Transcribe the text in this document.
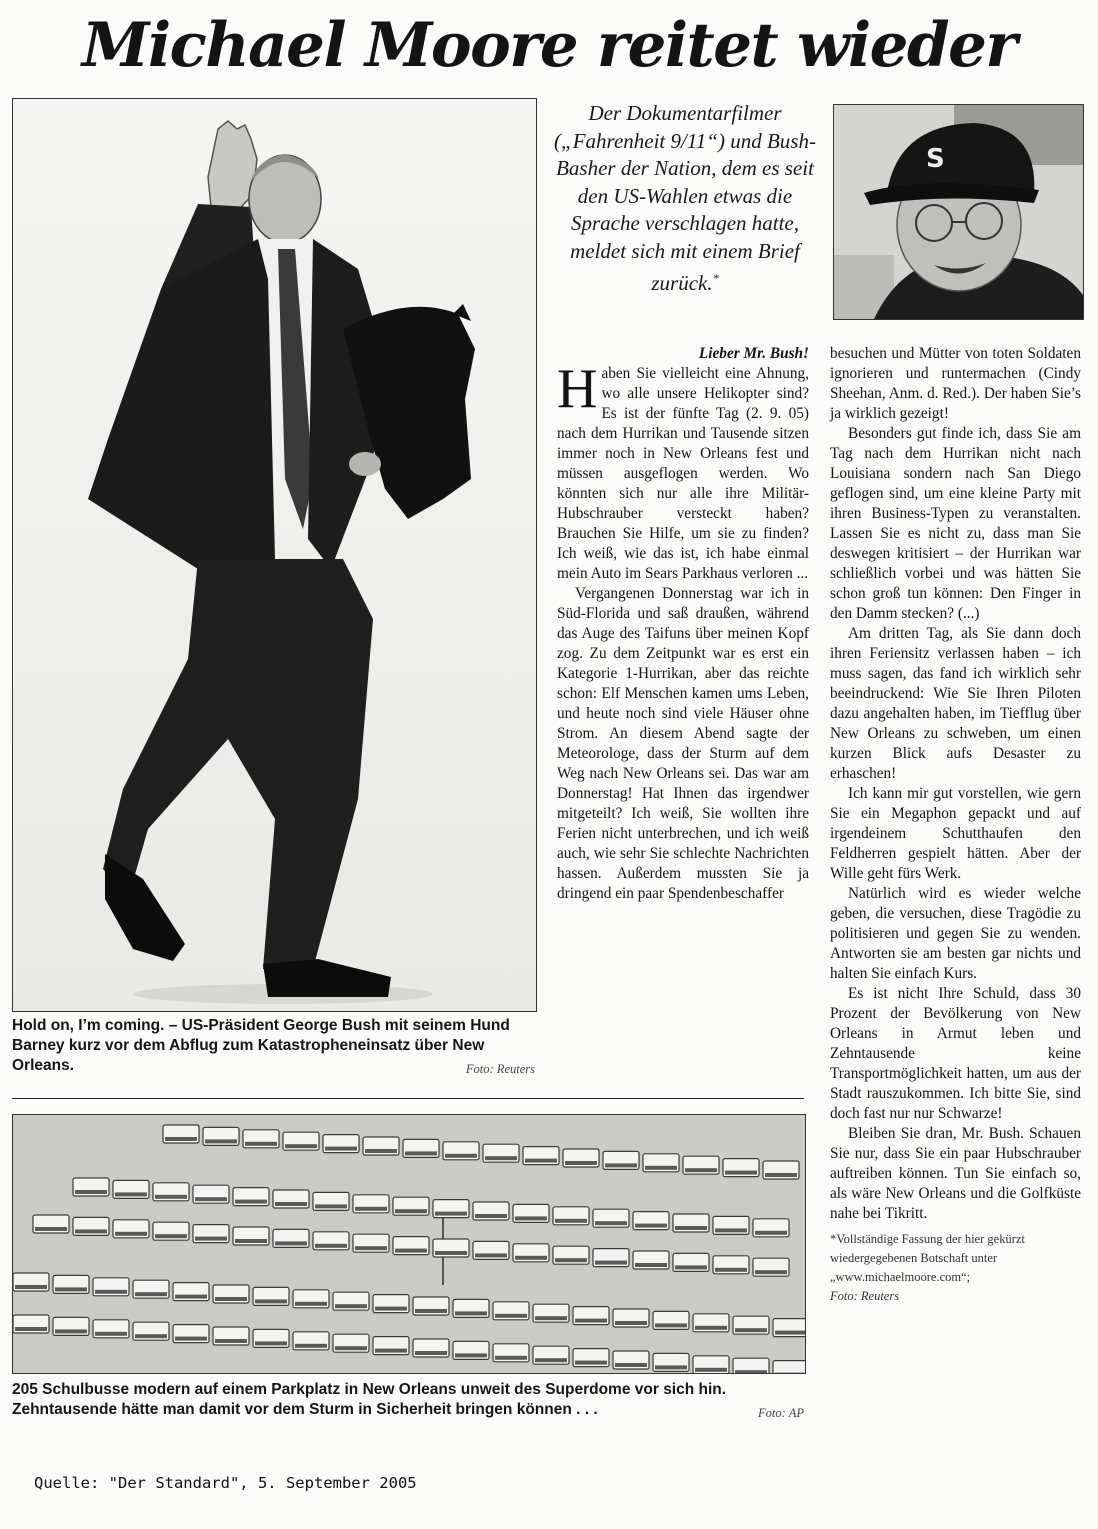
Michael Moore reitet wieder

Hold on, I’m coming. – US-Präsident George Bush mit seinem Hund Barney kurz vor dem Abflug zum Katastropheneinsatz über New Orleans.	Foto: Reuters

Der Dokumentarfilmer („Fahrenheit 9/11“) und Bush-Basher der Nation, dem es seit den US-Wahlen etwas die Sprache verschlagen hatte, meldet sich mit einem Brief zurück.*

S

Lieber Mr. Bush!

Haben Sie vielleicht eine Ahnung, wo alle unsere Helikopter sind? Es ist der fünfte Tag (2. 9. 05) nach dem Hurrikan und Tausende sitzen immer noch in New Orleans fest und müssen ausgeflogen werden. Wo könnten sich nur alle ihre Militär-Hubschrauber versteckt haben? Brauchen Sie Hilfe, um sie zu finden? Ich weiß, wie das ist, ich habe einmal mein Auto im Sears Parkhaus verloren ...

Vergangenen Donnerstag war ich in Süd-Florida und saß draußen, während das Auge des Taifuns über meinen Kopf zog. Zu dem Zeitpunkt war es erst ein Kategorie 1-Hurrikan, aber das reichte schon: Elf Menschen kamen ums Leben, und heute noch sind viele Häuser ohne Strom. An diesem Abend sagte der Meteorologe, dass der Sturm auf dem Weg nach New Orleans sei. Das war am Donnerstag! Hat Ihnen das irgendwer mitgeteilt? Ich weiß, Sie wollten ihre Ferien nicht unterbrechen, und ich weiß auch, wie sehr Sie schlechte Nachrichten hassen. Außerdem mussten Sie ja dringend ein paar Spendenbeschaffer

besuchen und Mütter von toten Soldaten ignorieren und runtermachen (Cindy Sheehan, Anm. d. Red.). Der haben Sie’s ja wirklich gezeigt!

Besonders gut finde ich, dass Sie am Tag nach dem Hurrikan nicht nach Louisiana sondern nach San Diego geflogen sind, um eine kleine Party mit ihren Business-Typen zu veranstalten. Lassen Sie es nicht zu, dass man Sie deswegen kritisiert – der Hurrikan war schließlich vorbei und was hätten Sie schon groß tun können: Den Finger in den Damm stecken? (...)

Am dritten Tag, als Sie dann doch ihren Feriensitz verlassen haben – ich muss sagen, das fand ich wirklich sehr beeindruckend: Wie Sie Ihren Piloten dazu angehalten haben, im Tiefflug über New Orleans zu schweben, um einen kurzen Blick aufs Desaster zu erhaschen!

Ich kann mir gut vorstellen, wie gern Sie ein Megaphon gepackt und auf irgendeinem Schutthaufen den Feldherren gespielt hätten. Aber der Wille geht fürs Werk.

Natürlich wird es wieder welche geben, die versuchen, diese Tragödie zu politisieren und gegen Sie zu wenden. Antworten sie am besten gar nichts und halten Sie einfach Kurs.

Es ist nicht Ihre Schuld, dass 30 Prozent der Bevölkerung von New Orleans in Armut leben und Zehntausende keine Transportmöglichkeit hatten, um aus der Stadt rauszukommen. Ich bitte Sie, sind doch fast nur nur Schwarze!

Bleiben Sie dran, Mr. Bush. Schauen Sie nur, dass Sie ein paar Hubschrauber auftreiben können. Tun Sie einfach so, als wäre New Orleans und die Golfküste nahe bei Tikritt.

*Vollständige Fassung der hier gekürzt wiedergegebenen Botschaft unter „www.michaelmoore.com“;
Foto: Reuters

205 Schulbusse modern auf einem Parkplatz in New Orleans unweit des Superdome vor sich hin. Zehntausende hätte man damit vor dem Sturm in Sicherheit bringen können . . .	Foto: AP

Quelle: "Der Standard", 5. September 2005
